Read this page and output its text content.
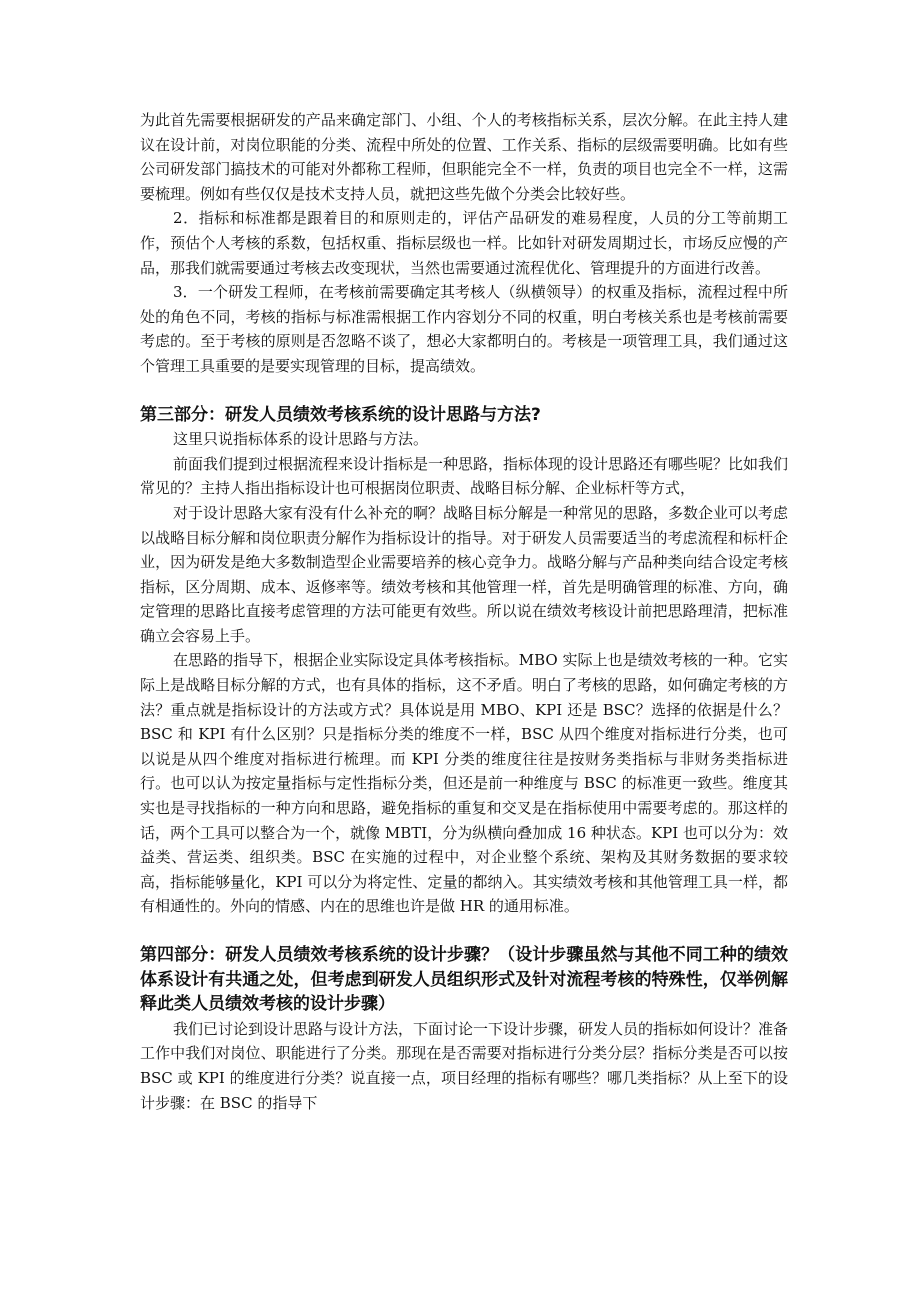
为此首先需要根据研发的产品来确定部门、小组、个人的考核指标关系，层次分解。在此主持人建议在设计前，对岗位职能的分类、流程中所处的位置、工作关系、指标的层级需要明确。比如有些公司研发部门搞技术的可能对外都称工程师，但职能完全不一样，负责的项目也完全不一样，这需要梳理。例如有些仅仅是技术支持人员，就把这些先做个分类会比较好些。

2．指标和标准都是跟着目的和原则走的，评估产品研发的难易程度，人员的分工等前期工作，预估个人考核的系数，包括权重、指标层级也一样。比如针对研发周期过长，市场反应慢的产品，那我们就需要通过考核去改变现状，当然也需要通过流程优化、管理提升的方面进行改善。

3．一个研发工程师，在考核前需要确定其考核人（纵横领导）的权重及指标，流程过程中所处的角色不同，考核的指标与标准需根据工作内容划分不同的权重，明白考核关系也是考核前需要考虑的。至于考核的原则是否忽略不谈了，想必大家都明白的。考核是一项管理工具，我们通过这个管理工具重要的是要实现管理的目标，提高绩效。

第三部分：研发人员绩效考核系统的设计思路与方法?

这里只说指标体系的设计思路与方法。

前面我们提到过根据流程来设计指标是一种思路，指标体现的设计思路还有哪些呢？比如我们常见的？主持人指出指标设计也可根据岗位职责、战略目标分解、企业标杆等方式，

对于设计思路大家有没有什么补充的啊？战略目标分解是一种常见的思路，多数企业可以考虑以战略目标分解和岗位职责分解作为指标设计的指导。对于研发人员需要适当的考虑流程和标杆企业，因为研发是绝大多数制造型企业需要培养的核心竞争力。战略分解与产品种类向结合设定考核指标，区分周期、成本、返修率等。绩效考核和其他管理一样，首先是明确管理的标准、方向，确定管理的思路比直接考虑管理的方法可能更有效些。所以说在绩效考核设计前把思路理清，把标准确立会容易上手。

在思路的指导下，根据企业实际设定具体考核指标。MBO 实际上也是绩效考核的一种。它实际上是战略目标分解的方式，也有具体的指标，这不矛盾。明白了考核的思路，如何确定考核的方法？重点就是指标设计的方法或方式？具体说是用 MBO、KPI 还是 BSC？选择的依据是什么？BSC 和 KPI 有什么区别？只是指标分类的维度不一样，BSC 从四个维度对指标进行分类，也可以说是从四个维度对指标进行梳理。而 KPI 分类的维度往往是按财务类指标与非财务类指标进行。也可以认为按定量指标与定性指标分类，但还是前一种维度与 BSC 的标准更一致些。维度其实也是寻找指标的一种方向和思路，避免指标的重复和交叉是在指标使用中需要考虑的。那这样的话，两个工具可以整合为一个，就像 MBTI，分为纵横向叠加成 16 种状态。KPI 也可以分为：效益类、营运类、组织类。BSC 在实施的过程中，对企业整个系统、架构及其财务数据的要求较高，指标能够量化，KPI 可以分为将定性、定量的都纳入。其实绩效考核和其他管理工具一样，都有相通性的。外向的情感、内在的思维也许是做 HR 的通用标准。

第四部分：研发人员绩效考核系统的设计步骤？（设计步骤虽然与其他不同工种的绩效体系设计有共通之处，但考虑到研发人员组织形式及针对流程考核的特殊性，仅举例解释此类人员绩效考核的设计步骤）

我们已讨论到设计思路与设计方法，下面讨论一下设计步骤，研发人员的指标如何设计？准备工作中我们对岗位、职能进行了分类。那现在是否需要对指标进行分类分层？指标分类是否可以按 BSC 或 KPI 的维度进行分类？说直接一点，项目经理的指标有哪些？哪几类指标？从上至下的设计步骤：在 BSC 的指导下
